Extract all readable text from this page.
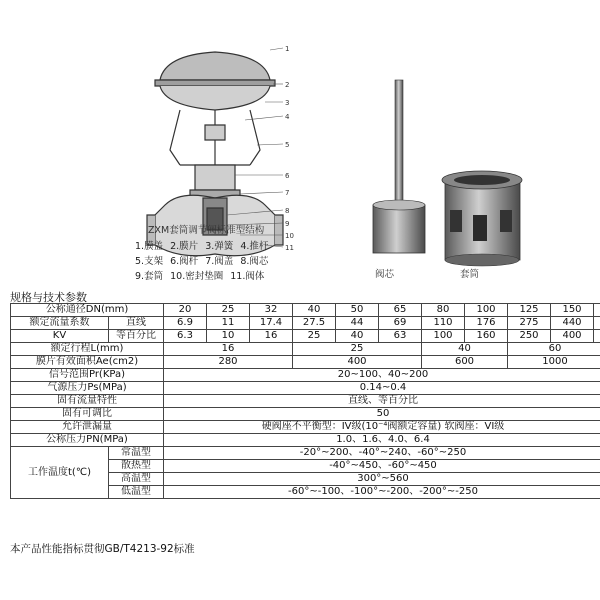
1
2
3
4
5
6
7
8
9
10
11
ZXM套筒调节阀标准型结构
1.膜盖 2.膜片 3.弹簧 4.推杆
5.支架 6.阀杆 7.阀盖 8.阀芯
9.套筒 10.密封垫圈 11.阀体	阀芯	套筒
规格与技术参数
公称通径DN(mm)		20	25	32	40	50	65	80	100	125	150	
额定流量系数	直线	6.9	11	17.4	27.5	44	69	110	176	275	440	
KV	等百分比	6.3	10	16	25	40	63	100	160	250	400	
额定行程L(mm)		16			25			40		60		
膜片有效面积Ae(cm2)		280			400			600		1000		
信号范围Pr(KPa)		20~100、40~200										
气源压力Ps(MPa)		0.14~0.4										
固有流量特性		直线、等百分比										
固有可调比		50										
允许泄漏量		硬阀座不平衡型：IV级(10⁻⁴阀额定容量) 软阀座：VI级										
公称压力PN(MPa)		1.0、1.6、4.0、6.4										
工作温度t(℃)	常温型	-20°~200、-40°~240、-60°~250										
	散热型	-40°~450、-60°~450										
	高温型	300°~560										
	低温型	-60°~-100、-100°~-200、-200°~-250										
本产品性能指标贯彻GB/T4213-92标准
